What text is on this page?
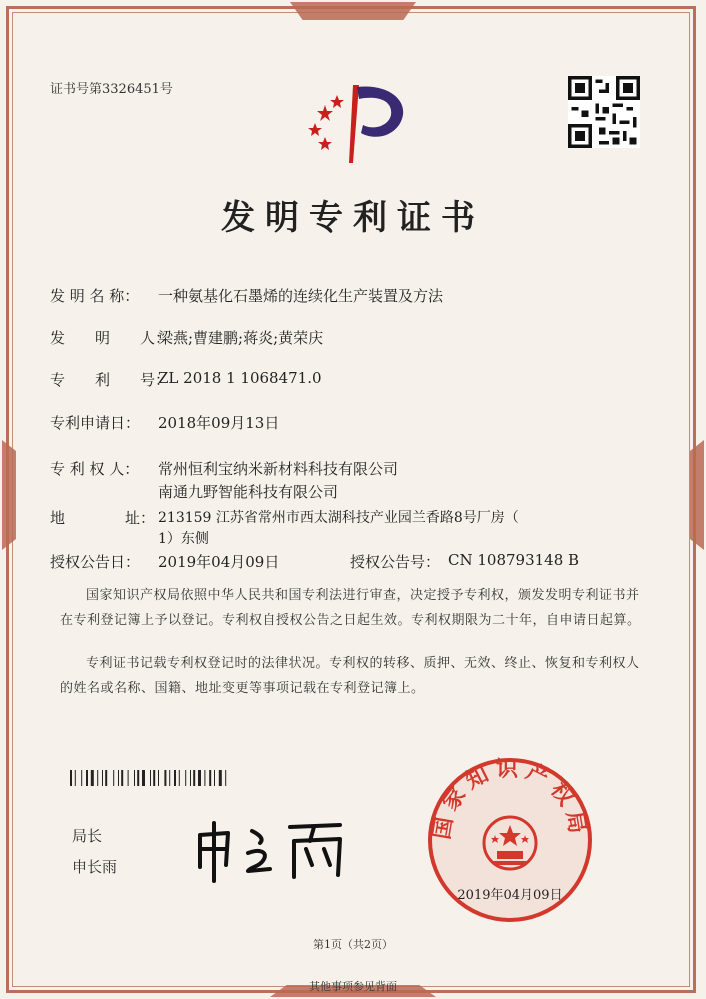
证书号第3326451号
发明专利证书
发 明 名 称： 一种氨基化石墨烯的连续化生产装置及方法
发　　明　　人：
梁燕;曹建鹏;蒋炎;黄荣庆
专　　利　　号：
ZL 2018 1 1068471.0
专利申请日： 2018年09月13日
专 利 权 人： 常州恒利宝纳米新材料科技有限公司
南通九野智能科技有限公司
地　　　　址： 213159 江苏省常州市西太湖科技产业园兰香路8号厂房（
1）东侧
授权公告日： 2019年04月09日	授权公告号： CN 108793148 B
国家知识产权局依照中华人民共和国专利法进行审查，决定授予专利权，颁发发明专利证书并在专利登记簿上予以登记。专利权自授权公告之日起生效。专利权期限为二十年，自申请日起算。
专利证书记载专利权登记时的法律状况。专利权的转移、质押、无效、终止、恢复和专利权人的姓名或名称、国籍、地址变更等事项记载在专利登记簿上。
局长
申长雨
国家知识产权局
2019年04月09日
第1页（共2页）
其他事项参见背面
